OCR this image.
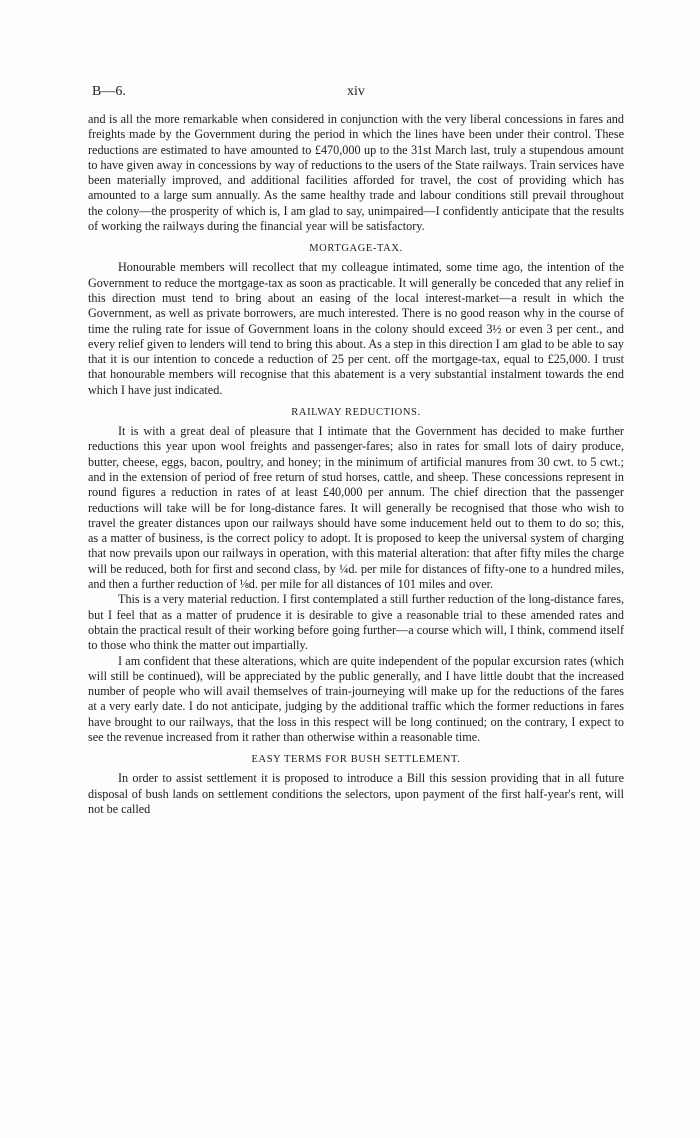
B—6.	xiv

and is all the more remarkable when considered in conjunction with the very liberal concessions in fares and freights made by the Government during the period in which the lines have been under their control. These reductions are estimated to have amounted to £470,000 up to the 31st March last, truly a stupendous amount to have given away in concessions by way of reductions to the users of the State railways. Train services have been materially improved, and additional facilities afforded for travel, the cost of providing which has amounted to a large sum annually. As the same healthy trade and labour conditions still prevail throughout the colony—the prosperity of which is, I am glad to say, unimpaired—I confidently anticipate that the results of working the railways during the financial year will be satisfactory.

MORTGAGE-TAX.

Honourable members will recollect that my colleague intimated, some time ago, the intention of the Government to reduce the mortgage-tax as soon as practicable. It will generally be conceded that any relief in this direction must tend to bring about an easing of the local interest-market—a result in which the Government, as well as private borrowers, are much interested. There is no good reason why in the course of time the ruling rate for issue of Government loans in the colony should exceed 3½ or even 3 per cent., and every relief given to lenders will tend to bring this about. As a step in this direction I am glad to be able to say that it is our intention to concede a reduction of 25 per cent. off the mortgage-tax, equal to £25,000. I trust that honourable members will recognise that this abatement is a very substantial instalment towards the end which I have just indicated.

RAILWAY REDUCTIONS.

It is with a great deal of pleasure that I intimate that the Government has decided to make further reductions this year upon wool freights and passenger-fares; also in rates for small lots of dairy produce, butter, cheese, eggs, bacon, poultry, and honey; in the minimum of artificial manures from 30 cwt. to 5 cwt.; and in the extension of period of free return of stud horses, cattle, and sheep. These concessions represent in round figures a reduction in rates of at least £40,000 per annum. The chief direction that the passenger reductions will take will be for long-distance fares. It will generally be recognised that those who wish to travel the greater distances upon our railways should have some inducement held out to them to do so; this, as a matter of business, is the correct policy to adopt. It is proposed to keep the universal system of charging that now prevails upon our railways in operation, with this material alteration: that after fifty miles the charge will be reduced, both for first and second class, by ¼d. per mile for distances of fifty-one to a hundred miles, and then a further reduction of ⅛d. per mile for all distances of 101 miles and over.

This is a very material reduction. I first contemplated a still further reduction of the long-distance fares, but I feel that as a matter of prudence it is desirable to give a reasonable trial to these amended rates and obtain the practical result of their working before going further—a course which will, I think, commend itself to those who think the matter out impartially.

I am confident that these alterations, which are quite independent of the popular excursion rates (which will still be continued), will be appreciated by the public generally, and I have little doubt that the increased number of people who will avail themselves of train-journeying will make up for the reductions of the fares at a very early date. I do not anticipate, judging by the additional traffic which the former reductions in fares have brought to our railways, that the loss in this respect will be long continued; on the contrary, I expect to see the revenue increased from it rather than otherwise within a reasonable time.

EASY TERMS FOR BUSH SETTLEMENT.

In order to assist settlement it is proposed to introduce a Bill this session providing that in all future disposal of bush lands on settlement conditions the selectors, upon payment of the first half-year's rent, will not be called
